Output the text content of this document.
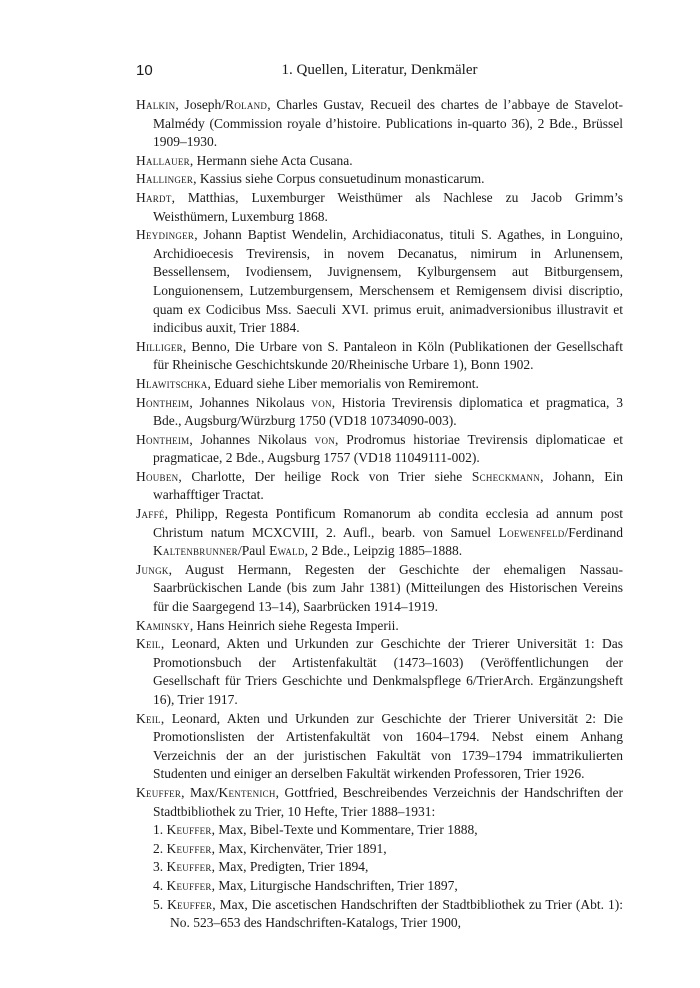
10	1. Quellen, Literatur, Denkmäler

Halkin, Joseph/Roland, Charles Gustav, Recueil des chartes de l’abbaye de Stavelot-Malmédy (Commission royale d’histoire. Publications in-quarto 36), 2 Bde., Brüssel 1909–1930.

Hallauer, Hermann siehe Acta Cusana.

Hallinger, Kassius siehe Corpus consuetudinum monasticarum.

Hardt, Matthias, Luxemburger Weisthümer als Nachlese zu Jacob Grimm’s Weisthümern, Luxemburg 1868.

Heydinger, Johann Baptist Wendelin, Archidiaconatus, tituli S. Agathes, in Longuino, Archidioecesis Trevirensis, in novem Decanatus, nimirum in Arlunensem, Bessellensem, Ivodiensem, Juvignensem, Kylburgensem aut Bitburgensem, Longuionensem, Lutzemburgensem, Merschensem et Remigensem divisi discriptio, quam ex Codicibus Mss. Saeculi XVI. primus eruit, animadversionibus illustravit et indicibus auxit, Trier 1884.

Hilliger, Benno, Die Urbare von S. Pantaleon in Köln (Publikationen der Gesellschaft für Rheinische Geschichtskunde 20/Rheinische Urbare 1), Bonn 1902.

Hlawitschka, Eduard siehe Liber memorialis von Remiremont.

Hontheim, Johannes Nikolaus von, Historia Trevirensis diplomatica et pragmatica, 3 Bde., Augsburg/Würzburg 1750 (VD18 10734090-003).

Hontheim, Johannes Nikolaus von, Prodromus historiae Trevirensis diplomaticae et pragmaticae, 2 Bde., Augsburg 1757 (VD18 11049111-002).

Houben, Charlotte, Der heilige Rock von Trier siehe Scheckmann, Johann, Ein warhafftiger Tractat.

Jaffé, Philipp, Regesta Pontificum Romanorum ab condita ecclesia ad annum post Christum natum MCXCVIII, 2. Aufl., bearb. von Samuel Loewenfeld/Ferdinand Kaltenbrunner/Paul Ewald, 2 Bde., Leipzig 1885–1888.

Jungk, August Hermann, Regesten der Geschichte der ehemaligen Nassau-Saarbrückischen Lande (bis zum Jahr 1381) (Mitteilungen des Historischen Vereins für die Saargegend 13–14), Saarbrücken 1914–1919.

Kaminsky, Hans Heinrich siehe Regesta Imperii.

Keil, Leonard, Akten und Urkunden zur Geschichte der Trierer Universität 1: Das Promotionsbuch der Artistenfakultät (1473–1603) (Veröffentlichungen der Gesellschaft für Triers Geschichte und Denkmalspflege 6/TrierArch. Ergänzungsheft 16), Trier 1917.

Keil, Leonard, Akten und Urkunden zur Geschichte der Trierer Universität 2: Die Promotionslisten der Artistenfakultät von 1604–1794. Nebst einem Anhang Verzeichnis der an der juristischen Fakultät von 1739–1794 immatrikulierten Studenten und einiger an derselben Fakultät wirkenden Professoren, Trier 1926.

Keuffer, Max/Kentenich, Gottfried, Beschreibendes Verzeichnis der Handschriften der Stadtbibliothek zu Trier, 10 Hefte, Trier 1888–1931:

1. Keuffer, Max, Bibel-Texte und Kommentare, Trier 1888,

2. Keuffer, Max, Kirchenväter, Trier 1891,

3. Keuffer, Max, Predigten, Trier 1894,

4. Keuffer, Max, Liturgische Handschriften, Trier 1897,

5. Keuffer, Max, Die ascetischen Handschriften der Stadtbibliothek zu Trier (Abt. 1): No. 523–653 des Handschriften-Katalogs, Trier 1900,
